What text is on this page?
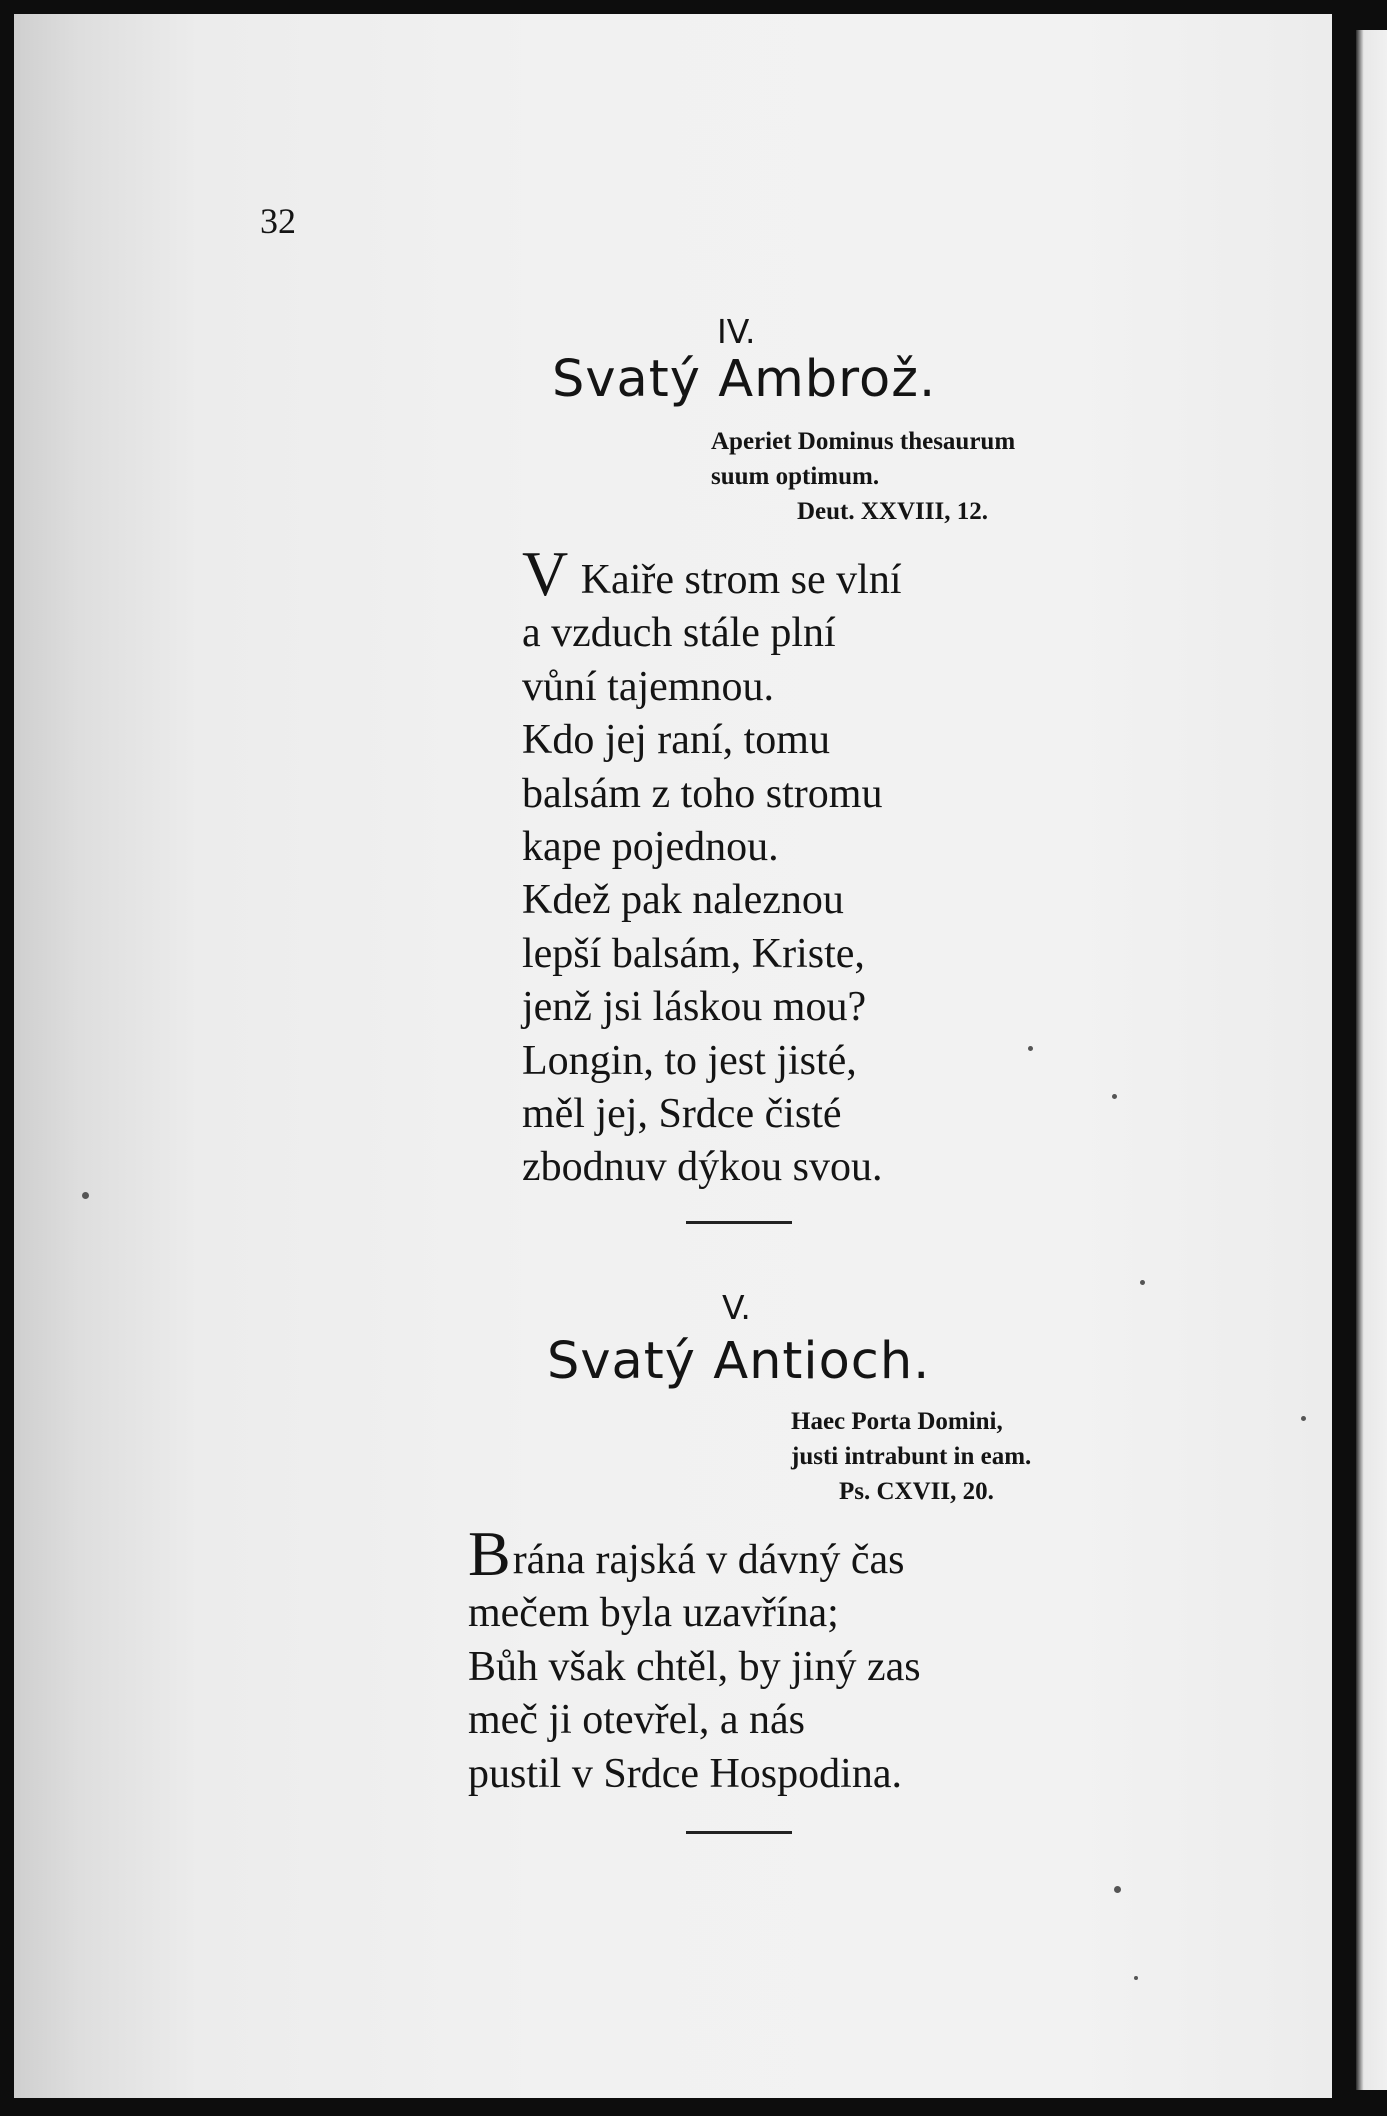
32
IV.
Svatý Ambrož.
Aperiet Dominus thesaurum
suum optimum.
Deut. XXVIII, 12.
V Kaiře strom se vlní
a vzduch stále plní
vůní tajemnou.
Kdo jej raní, tomu
balsám z toho stromu
kape pojednou.
Kdež pak naleznou
lepší balsám, Kriste,
jenž jsi láskou mou?
Longin, to jest jisté,
měl jej, Srdce čisté
zbodnuv dýkou svou.
V.
Svatý Antioch.
Haec Porta Domini,
justi intrabunt in eam.
Ps. CXVII, 20.
Brána rajská v dávný čas
mečem byla uzavřína;
Bůh však chtěl, by jiný zas
meč ji otevřel, a nás
pustil v Srdce Hospodina.
